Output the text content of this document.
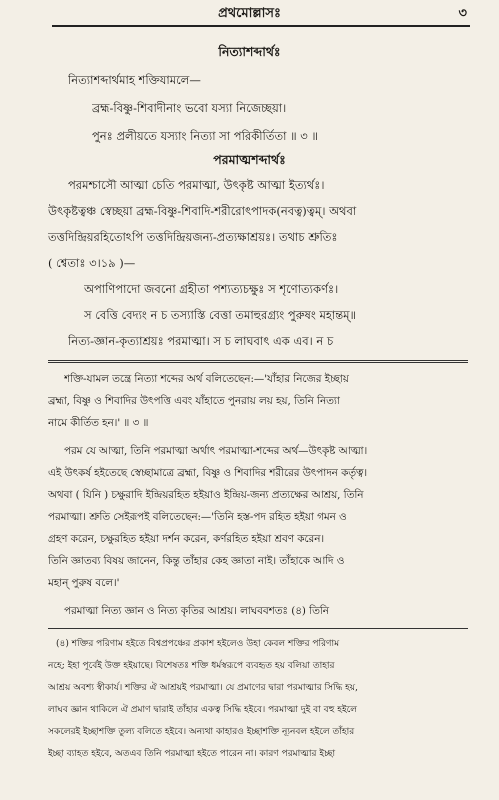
প্রথমোল্লাসঃ	৩
নিত্যাশব্দার্থঃ
নিত্যাশব্দার্থমাহ শক্তিযামলে—
ব্রহ্ম-বিষ্ণু-শিবাদীনাং ভবো যস্যা নিজেচ্ছয়া।
পুনঃ প্রলীয়তে যস্যাং নিত্যা সা পরিকীর্তিতা ॥ ৩ ॥
পরমাত্মশব্দার্থঃ
পরমশ্চাসৌ আত্মা চেতি পরমাত্মা, উৎকৃষ্ট আত্মা ইত্যর্থঃ।
উৎকৃষ্টত্বঞ্চ স্বেচ্ছয়া ব্রহ্ম-বিষ্ণু-শিবাদি-শরীরোৎপাদক(নবত্ব)ত্বম্। অথবা
তত্তদিন্দ্রিয়রহিতোঽপি তত্তদিন্দ্রিয়জন্য-প্রত্যক্ষাশ্রয়ঃ। তথাচ শ্রুতিঃ
( শ্বেতাঃ ৩।১৯ )—
অপাণিপাদো জবনো গ্রহীতা পশ্যত্যচক্ষুঃ স শৃণোত্যকর্ণঃ।
স বেত্তি বেদ্যং ন চ তস্যাস্তি বেত্তা তমাহুরগ্র্যং পুরুষং মহান্তম্॥
নিত্য-জ্ঞান-কৃত্যাশ্রয়ঃ পরমাত্মা। স চ লাঘবাৎ এক এব। ন চ
শক্তি-যামল তন্ত্রে নিত্যা শব্দের অর্থ বলিতেছেন:—'যাঁহার নিজের ইচ্ছায়
ব্রহ্মা, বিষ্ণু ও শিবাদির উৎপত্তি এবং যাঁহাতে পুনরায় লয় হয়, তিনি নিত্যা
নামে কীর্তিত হন।' ॥ ৩ ॥
পরম যে আত্মা, তিনি পরমাত্মা অর্থাৎ পরমাত্মা-শব্দের অর্থ—উৎকৃষ্ট আত্মা।
এই উৎকর্ষ হইতেছে স্বেচ্ছামাত্রে ব্রহ্মা, বিষ্ণু ও শিবাদির শরীরের উৎপাদন কর্তৃত্ব।
অথবা ( যিনি ) চক্ষুরাদি ইন্দ্রিয়রহিত হইয়াও ইন্দ্রিয়-জন্য প্রত্যক্ষের আশ্রয়, তিনি
পরমাত্মা। শ্রুতি সেইরূপই বলিতেছেন:—'তিনি হস্ত-পদ রহিত হইয়া গমন ও
গ্রহণ করেন, চক্ষুরহিত হইয়া দর্শন করেন, কর্ণরহিত হইয়া শ্রবণ করেন।
তিনি জ্ঞাতব্য বিষয় জানেন, কিন্তু তাঁহার কেহ জ্ঞাতা নাই। তাঁহাকে আদি ও
মহান্ পুরুষ বলে।'
পরমাত্মা নিত্য জ্ঞান ও নিত্য কৃতির আশ্রয়। লাঘববশতঃ (৪) তিনি
(৪) শক্তির পরিণাম হইতে বিশ্বপ্রপঞ্চের প্রকাশ হইলেও উহা কেবল শক্তির পরিণাম
নহে; ইহা পূর্বেই উক্ত হইয়াছে। বিশেষতঃ শক্তি ধর্মস্বরূপে ব্যবহৃত হয় বলিয়া তাহার
আশ্রয় অবশ্য স্বীকার্য। শক্তির ঐ আশ্রয়ই পরমাত্মা। যে প্রমাণের দ্বারা পরমাত্মার সিদ্ধি হয়,
লাঘব জ্ঞান থাকিলে ঐ প্রমাণ দ্বারাই তাঁহার একত্ব সিদ্ধি হইবে। পরমাত্মা দুই বা বহু হইলে
সকলেরই ইচ্ছাশক্তি তুল্য বলিতে হইবে। অন্যথা কাহারও ইচ্ছাশক্তি ন্যূনবল হইলে তাঁহার
ইচ্ছা ব্যাহত হইবে, অতএব তিনি পরমাত্মা হইতে পারেন না। কারণ পরমাত্মার ইচ্ছা
